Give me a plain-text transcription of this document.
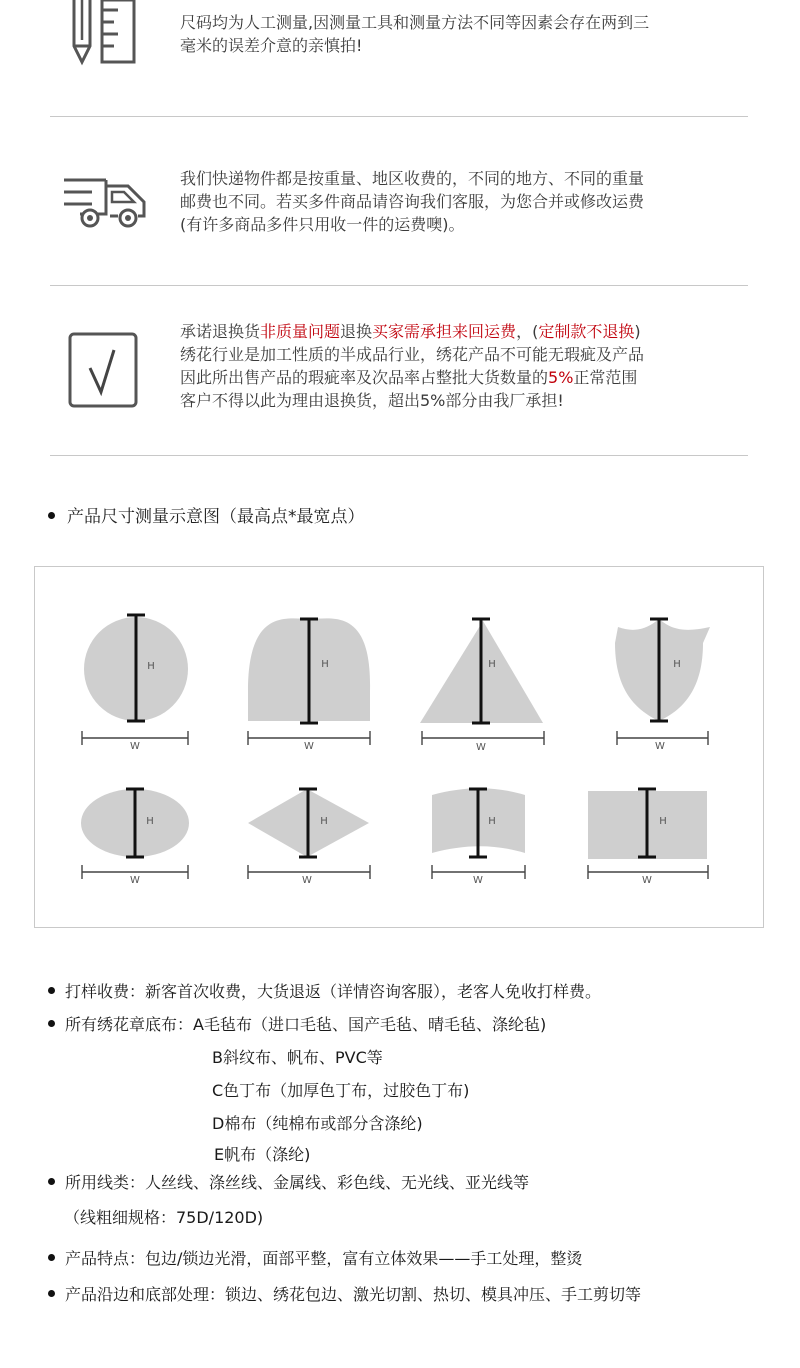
尺码均为人工测量,因测量工具和测量方法不同等因素会存在两到三
毫米的误差介意的亲慎拍!
我们快递物件都是按重量、地区收费的，不同的地方、不同的重量
邮费也不同。若买多件商品请咨询我们客服，为您合并或修改运费
(有许多商品多件只用收一件的运费噢)。
承诺退换货非质量问题退换买家需承担来回运费，(定制款不退换)
绣花行业是加工性质的半成品行业，绣花产品不可能无瑕疵及产品
因此所出售产品的瑕疵率及次品率占整批大货数量的5%正常范围
客户不得以此为理由退换货，超出5%部分由我厂承担!
产品尺寸测量示意图（最高点*最宽点）
H	H	H	H
H	H	H	H
W	W	W	W
W	W	W	W
打样收费：新客首次收费，大货退返（详情咨询客服），老客人免收打样费。
所有绣花章底布：A毛毡布（进口毛毡、国产毛毡、晴毛毡、涤纶毡)
B斜纹布、帆布、PVC等
C色丁布（加厚色丁布，过胶色丁布)
D棉布（纯棉布或部分含涤纶)
E帆布（涤纶)
所用线类：人丝线、涤丝线、金属线、彩色线、无光线、亚光线等
（线粗细规格：75D/120D)
产品特点：包边/锁边光滑，面部平整，富有立体效果——手工处理，整烫
产品沿边和底部处理：锁边、绣花包边、激光切割、热切、模具冲压、手工剪切等
